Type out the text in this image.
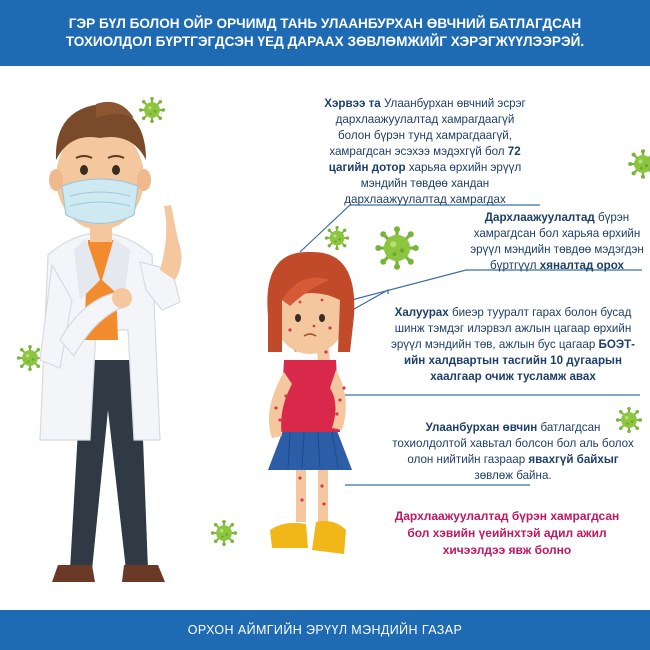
ГЭР БҮЛ БОЛОН ОЙР ОРЧИМД ТАНЬ УЛААНБУРХАН ӨВЧНИЙ БАТЛАГДСАН
ТОХИОЛДОЛ БҮРТГЭГДСЭН ҮЕД ДАРААХ ЗӨВЛӨМЖИЙГ ХЭРЭГЖҮҮЛЭЭРЭЙ.
Хэрвээ та Улаанбурхан өвчний эсрэг дархлаажуулалтад хамрагдаагүй болон бүрэн тунд хамрагдаагүй, хамрагдсан эсэхээ мэдэхгүй бол 72 цагийн дотор харьяа өрхийн эрүүл мэндийн төвдөө хандан дархлаажуулалтад хамрагдах
Дархлаажуулалтад бүрэн хамрагдсан бол харьяа өрхийн эрүүл мэндийн төвдөө мэдэгдэн бүртгүүл хяналтад орох
Халуурах биеэр тууралт гарах болон бусад шинж тэмдэг илэрвэл ажлын цагаар өрхийн эрүүл мэндийн төв, ажлын бус цагаар БОЭТ-ийн халдвартын тасгийн 10 дугаарын хаалгаар очиж тусламж авах
Улаанбурхан өвчин батлагдсан тохиолдолтой хавьтал болсон бол аль болох олон нийтийн газраар явахгүй байхыг зөвлөж байна.
Дархлаажуулалтад бүрэн хамрагдсан бол хэвийн үеийнхтэй адил ажил хичээлдээ явж болно
ОРХОН АЙМГИЙН ЭРҮҮЛ МЭНДИЙН ГАЗАР
